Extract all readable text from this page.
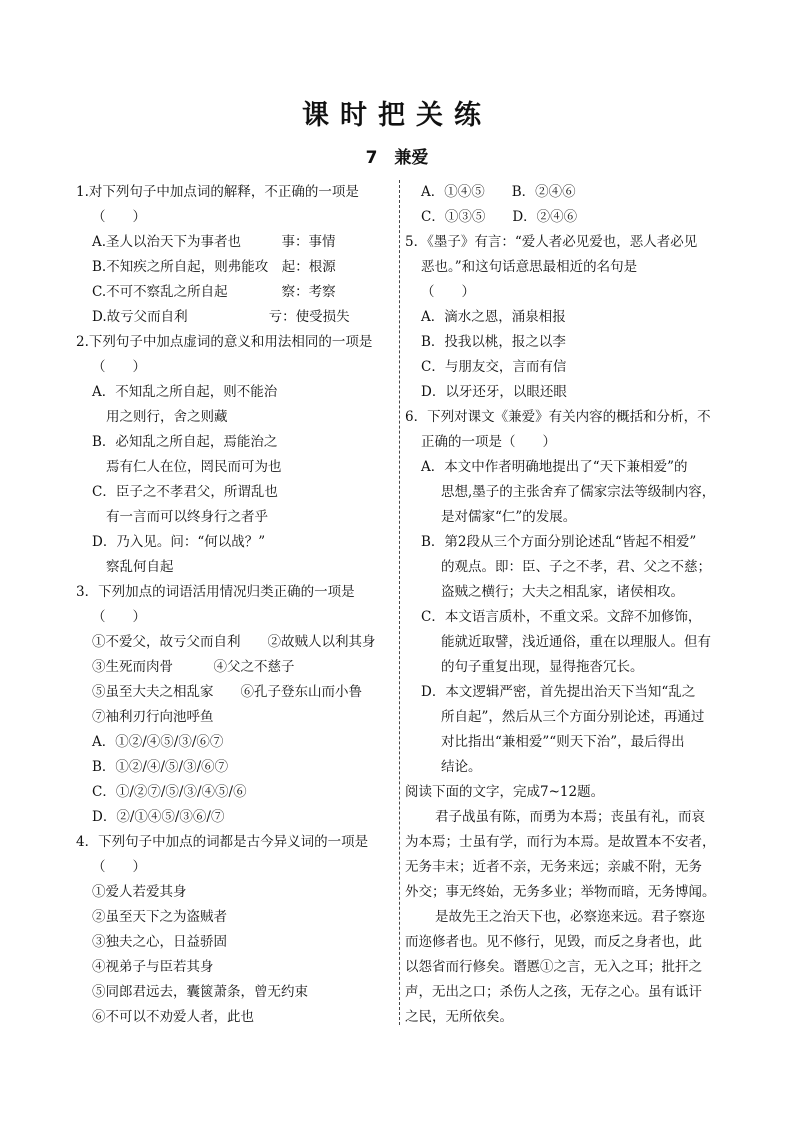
课时把关练
7　兼爱
1.对下列句子中加点词的解释，不正确的一项是
（　　）
A.圣人以治天下为事者也　　　事：事情
B.不知疾之所自起，则弗能攻　起：根源
C.不可不察乱之所自起　　　　察：考察
D.故亏父而自利　　　　　　亏：使受损失
2.下列句子中加点虚词的意义和用法相同的一项是
（　　）
A．不知乱之所自起，则不能治
用之则行，舍之则藏
B．必知乱之所自起，焉能治之
焉有仁人在位，罔民而可为也
C．臣子之不孝君父，所谓乱也
有一言而可以终身行之者乎
D．乃入见。问：“何以战？”
察乱何自起
3．下列加点的词语活用情况归类正确的一项是
（　　）
①不爱父，故亏父而自利　　②故贼人以利其身
③生死而肉骨　　　④父之不慈子
⑤虽至大夫之相乱家　　⑥孔子登东山而小鲁
⑦袖利刃行向池呼鱼
A．①②/④⑤/③/⑥⑦
B．①②/④/⑤/③/⑥⑦
C．①/②⑦/⑤/③/④⑤/⑥
D．②/①④⑤/③⑥/⑦
4．下列句子中加点的词都是古今异义词的一项是
（　　）
①爱人若爱其身
②虽至天下之为盗贼者
③独夫之心，日益骄固
④视弟子与臣若其身
⑤同郎君远去，囊篋萧条，曾无约束
⑥不可以不劝爱人者，此也
A．①④⑤　　B．②④⑥
C．①③⑤　　D．②④⑥
5．《墨子》有言：“爱人者必见爱也，恶人者必见
恶也。”和这句话意思最相近的名句是
（　　）
A．滴水之恩，涌泉相报
B．投我以桃，报之以李
C．与朋友交，言而有信
D．以牙还牙，以眼还眼
6．下列对课文《兼爱》有关内容的概括和分析，不
正确的一项是（　　）
A．本文中作者明确地提出了“天下兼相爱”的
思想,墨子的主张舍弃了儒家宗法等级制内容，
是对儒家“仁”的发展。
B．第2段从三个方面分别论述乱“皆起不相爱”
的观点。即：臣、子之不孝，君、父之不慈；
盗贼之横行；大夫之相乱家，诸侯相攻。
C．本文语言质朴，不重文采。文辞不加修饰，
能就近取譬，浅近通俗，重在以理服人。但有
的句子重复出现，显得拖沓冗长。
D．本文逻辑严密，首先提出治天下当知“乱之
所自起”，然后从三个方面分别论述，再通过
对比指出“兼相爱”“则天下治”，最后得出
结论。
阅读下面的文字，完成7~12题。
君子战虽有陈，而勇为本焉；丧虽有礼，而哀
为本焉；士虽有学，而行为本焉。是故置本不安者，
无务丰末；近者不亲，无务来远；亲戚不附，无务
外交；事无终始，无务多业；举物而暗，无务博闻。
是故先王之治天下也，必察迩来远。君子察迩
而迩修者也。见不修行，见毁，而反之身者也，此
以怨省而行修矣。谮慝①之言，无入之耳；批扞之
声，无出之口；杀伤人之孩，无存之心。虽有诋讦
之民，无所依矣。
